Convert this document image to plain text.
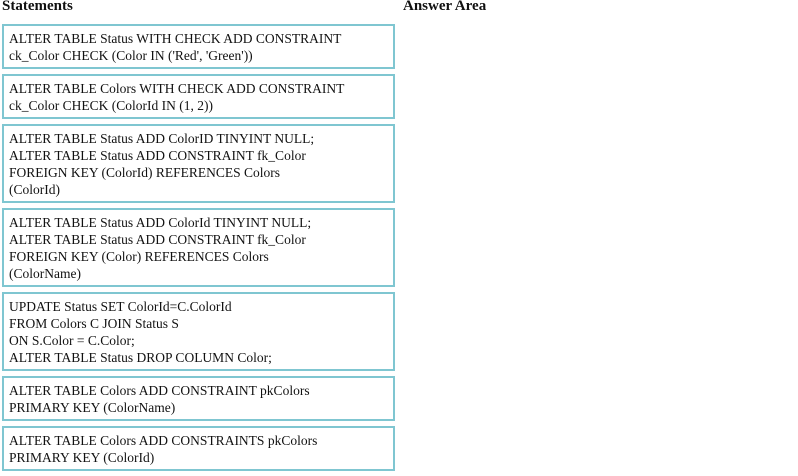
Statements	Answer Area
ALTER TABLE Status WITH CHECK ADD CONSTRAINT
ck_Color CHECK (Color IN ('Red', 'Green'))
ALTER TABLE Colors WITH CHECK ADD CONSTRAINT
ck_Color CHECK (ColorId IN (1, 2))
ALTER TABLE Status ADD ColorID TINYINT NULL;
ALTER TABLE Status ADD CONSTRAINT fk_Color
FOREIGN KEY (ColorId) REFERENCES Colors
(ColorId)
ALTER TABLE Status ADD ColorId TINYINT NULL;
ALTER TABLE Status ADD CONSTRAINT fk_Color
FOREIGN KEY (Color) REFERENCES Colors
(ColorName)
UPDATE Status SET ColorId=C.ColorId
FROM Colors C JOIN Status S
ON S.Color = C.Color;
ALTER TABLE Status DROP COLUMN Color;
ALTER TABLE Colors ADD CONSTRAINT pkColors
PRIMARY KEY (ColorName)
ALTER TABLE Colors ADD CONSTRAINTS pkColors
PRIMARY KEY (ColorId)
